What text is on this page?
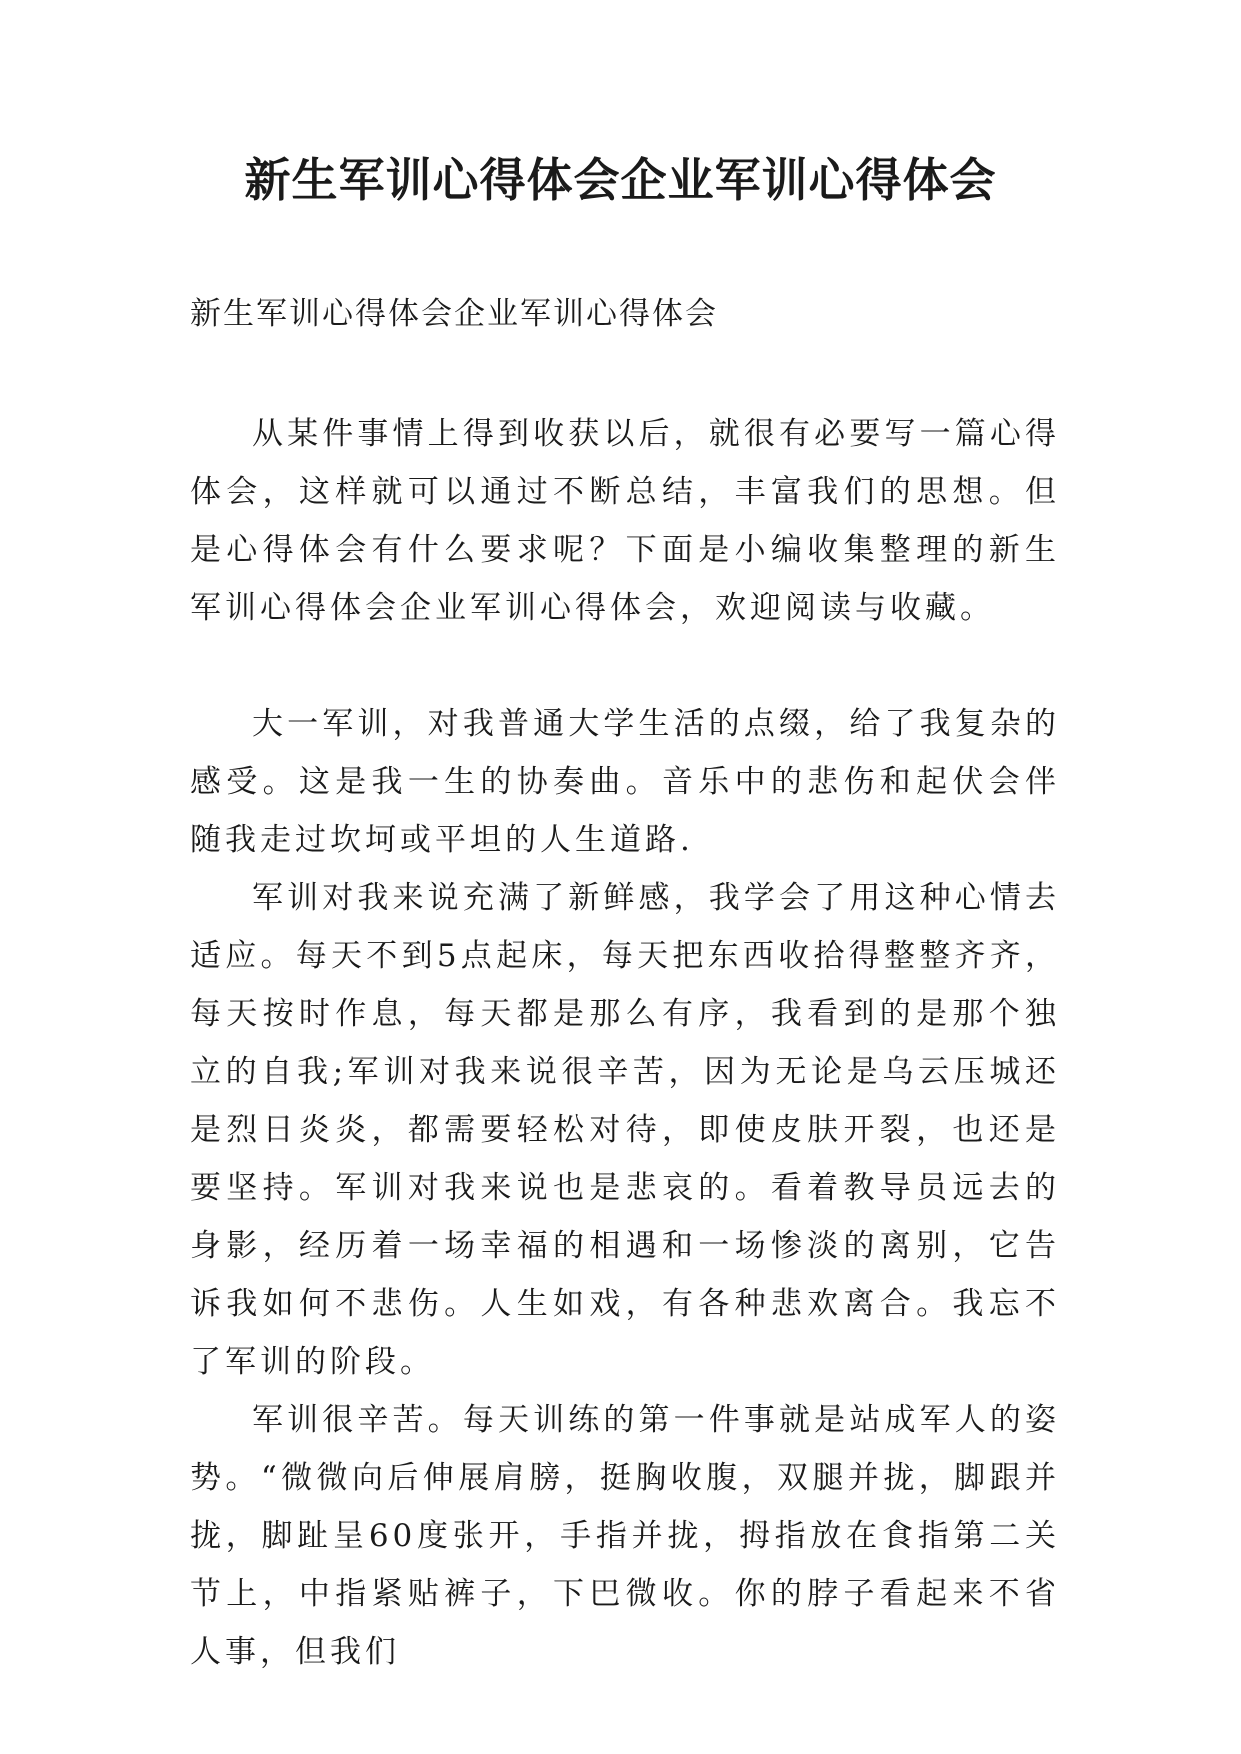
新生军训心得体会企业军训心得体会
新生军训心得体会企业军训心得体会

从某件事情上得到收获以后，就很有必要写一篇心得体会，这样就可以通过不断总结，丰富我们的思想。但是心得体会有什么要求呢？下面是小编收集整理的新生军训心得体会企业军训心得体会，欢迎阅读与收藏。

大一军训，对我普通大学生活的点缀，给了我复杂的感受。这是我一生的协奏曲。音乐中的悲伤和起伏会伴随我走过坎坷或平坦的人生道路.

军训对我来说充满了新鲜感，我学会了用这种心情去适应。每天不到5点起床，每天把东西收拾得整整齐齐，每天按时作息，每天都是那么有序，我看到的是那个独立的自我;军训对我来说很辛苦，因为无论是乌云压城还是烈日炎炎，都需要轻松对待，即使皮肤开裂，也还是要坚持。军训对我来说也是悲哀的。看着教导员远去的身影，经历着一场幸福的相遇和一场惨淡的离别，它告诉我如何不悲伤。人生如戏，有各种悲欢离合。我忘不了军训的阶段。

军训很辛苦。每天训练的第一件事就是站成军人的姿势。“微微向后伸展肩膀，挺胸收腹，双腿并拢，脚跟并拢，脚趾呈60度张开，手指并拢，拇指放在食指第二关节上，中指紧贴裤子，下巴微收。你的脖子看起来不省人事，但我们
